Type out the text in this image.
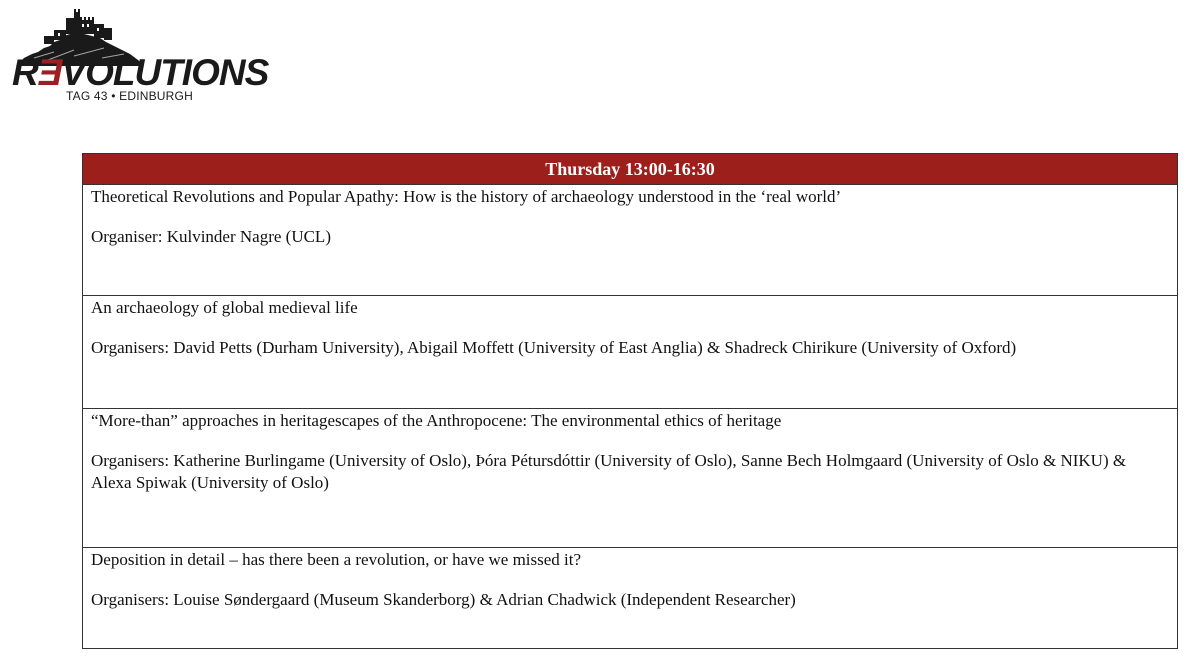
RƎVOLUTIONS
TAG 43 • EDINBURGH
Thursday 13:00-16:30

Theoretical Revolutions and Popular Apathy: How is the history of archaeology understood in the ‘real world’

Organiser: Kulvinder Nagre (UCL)

An archaeology of global medieval life

Organisers: David Petts (Durham University), Abigail Moffett (University of East Anglia) & Shadreck Chirikure (University of Oxford)

“More-than” approaches in heritagescapes of the Anthropocene: The environmental ethics of heritage

Organisers: Katherine Burlingame (University of Oslo), Þóra Pétursdóttir (University of Oslo), Sanne Bech Holmgaard (University of Oslo & NIKU) & Alexa Spiwak (University of Oslo)

Deposition in detail – has there been a revolution, or have we missed it?

Organisers: Louise Søndergaard (Museum Skanderborg) & Adrian Chadwick (Independent Researcher)
